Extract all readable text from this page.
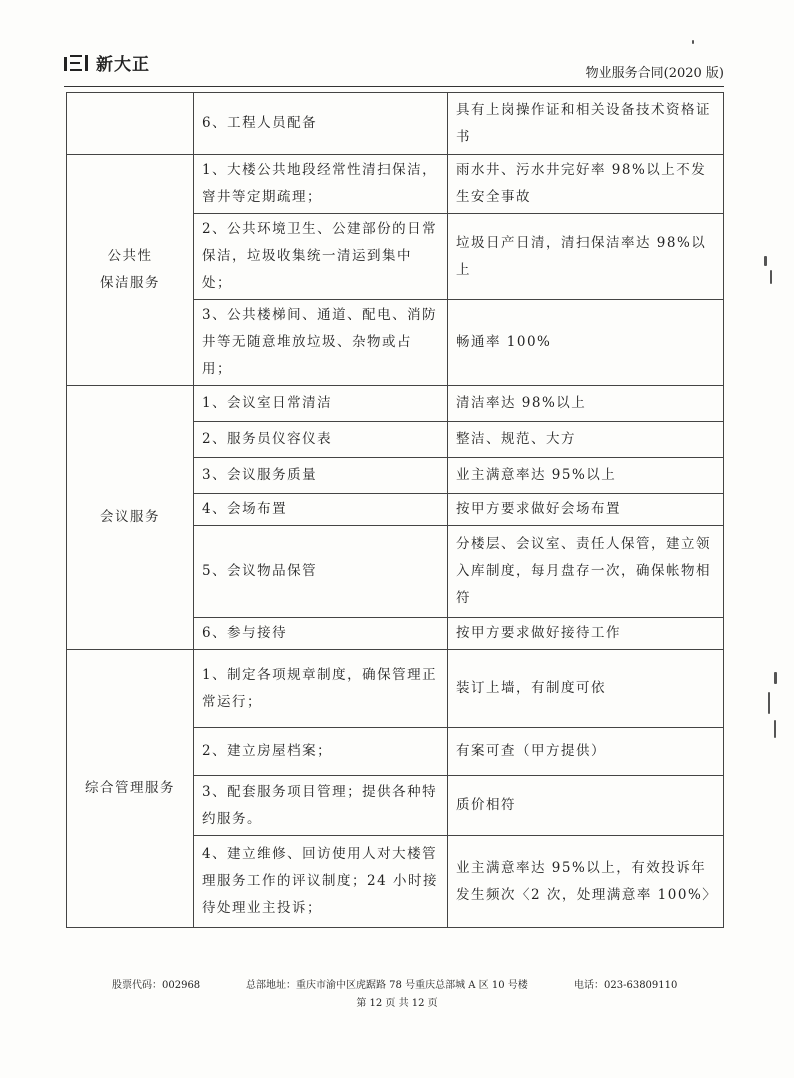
新大正	物业服务合同(2020 版)
	6、工程人员配备	具有上岗操作证和相关设备技术资格证书
公共性
保洁服务	1、大楼公共地段经常性清扫保洁，窨井等定期疏理；	雨水井、污水井完好率 98%以上不发生安全事故
	2、公共环境卫生、公建部份的日常保洁，垃圾收集统一清运到集中处；	垃圾日产日清，清扫保洁率达 98%以上
	3、公共楼梯间、通道、配电、消防井等无随意堆放垃圾、杂物或占用；	畅通率 100%
会议服务	1、会议室日常清洁	清洁率达 98%以上
	2、服务员仪容仪表	整洁、规范、大方
	3、会议服务质量	业主满意率达 95%以上
	4、会场布置	按甲方要求做好会场布置
	5、会议物品保管	分楼层、会议室、责任人保管，建立领入库制度，每月盘存一次，确保帐物相符
	6、参与接待	按甲方要求做好接待工作
综合管理服务	1、制定各项规章制度，确保管理正常运行；	装订上墙，有制度可依
	2、建立房屋档案；	有案可查（甲方提供）
	3、配套服务项目管理；提供各种特约服务。	质价相符
	4、建立维修、回访使用人对大楼管理服务工作的评议制度；24 小时接待处理业主投诉；	业主满意率达 95%以上，有效投诉年发生频次〈2 次，处理满意率 100%〉
股票代码：002968	总部地址：重庆市渝中区虎踞路 78 号重庆总部城 A 区 10 号楼	电话：023-63809110
第 12 页 共 12 页
